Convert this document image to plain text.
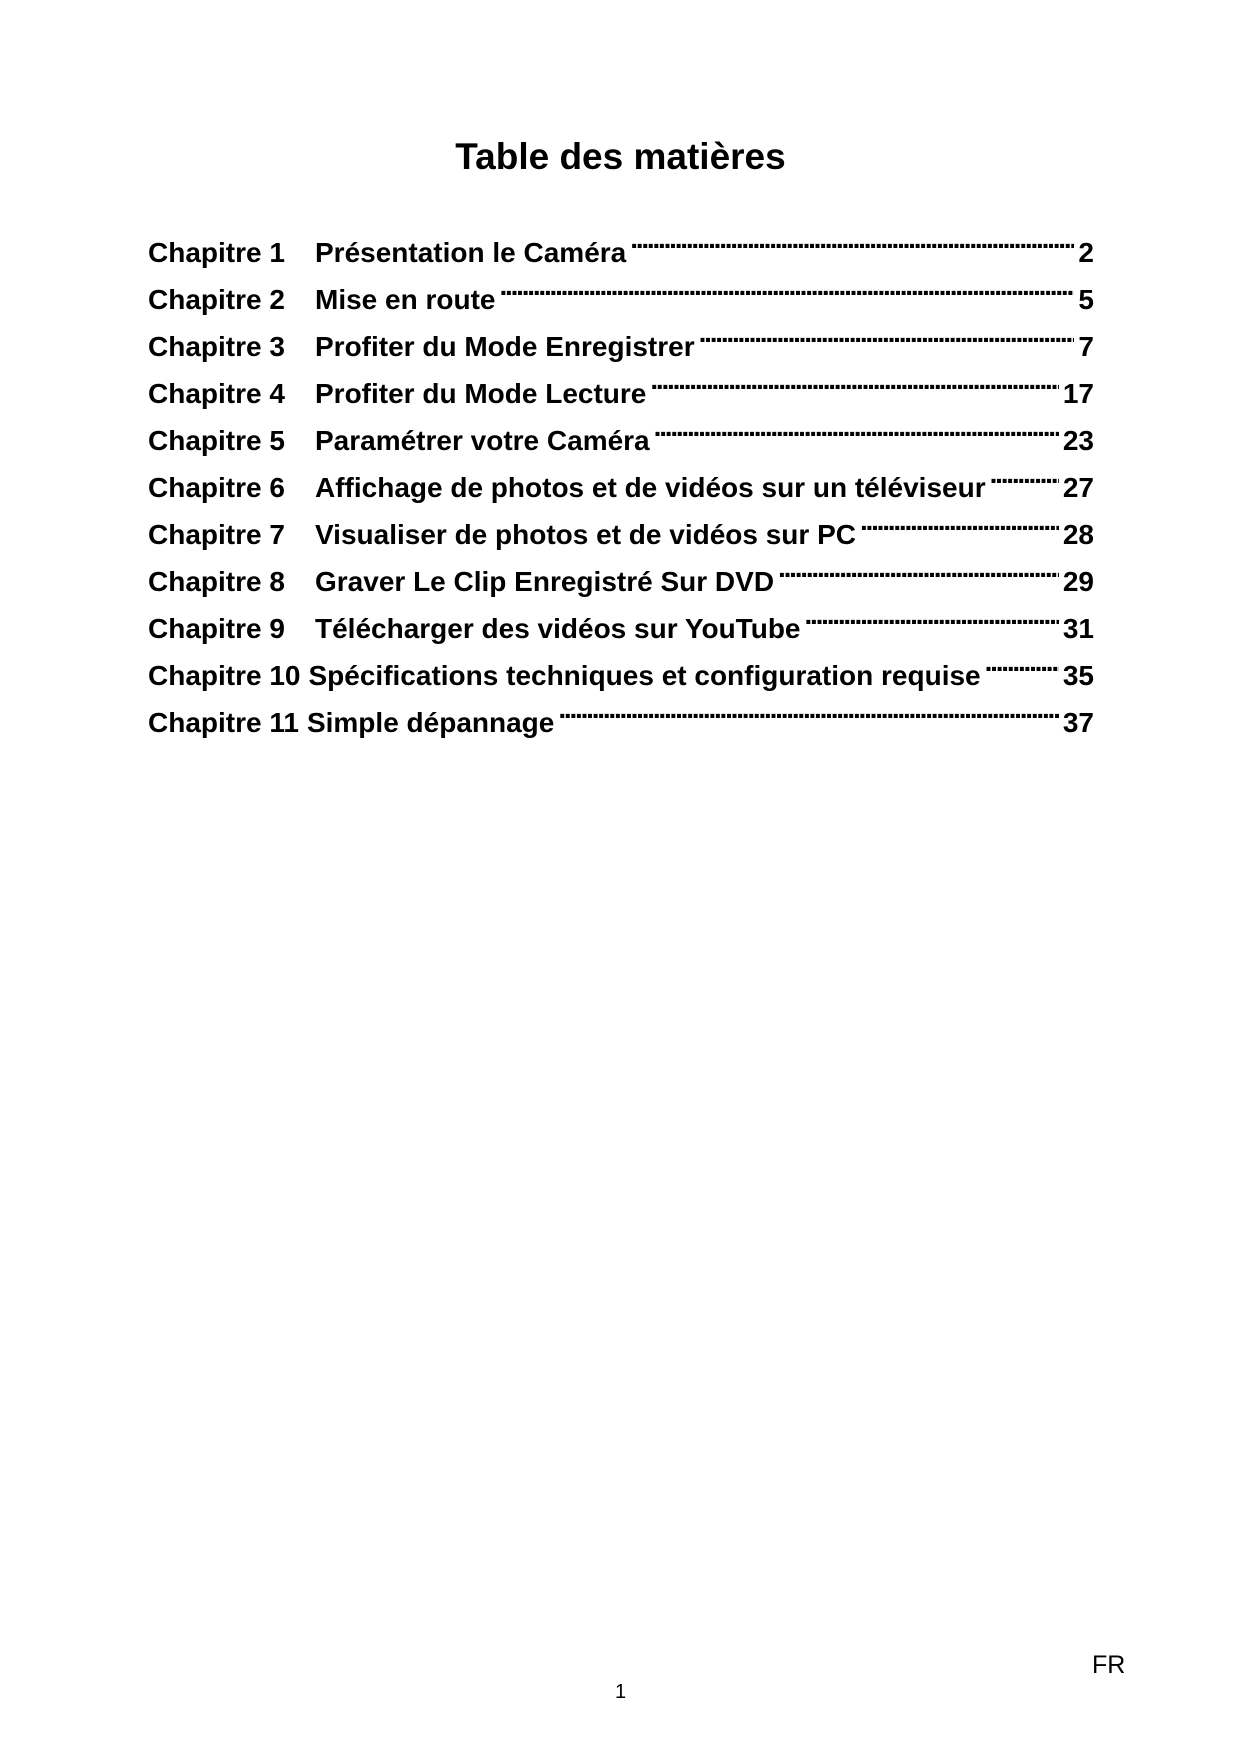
Table des matières
Chapitre 1	Présentation le Caméra . . .	2
Chapitre 2	Mise en route . . .	5
Chapitre 3	Profiter du Mode Enregistrer . . .	7
Chapitre 4	Profiter du Mode Lecture . . .	17
Chapitre 5	Paramétrer votre Caméra . . .	23
Chapitre 6	Affichage de photos et de vidéos sur un téléviseur . . .	27
Chapitre 7	Visualiser de photos et de vidéos sur PC . . .	28
Chapitre 8	Graver Le Clip Enregistré Sur DVD . . .	29
Chapitre 9	Télécharger des vidéos sur YouTube . . .	31
Chapitre 10 Spécifications techniques et configuration requise . . .	35
Chapitre 11 Simple dépannage . . .	37
FR
1
